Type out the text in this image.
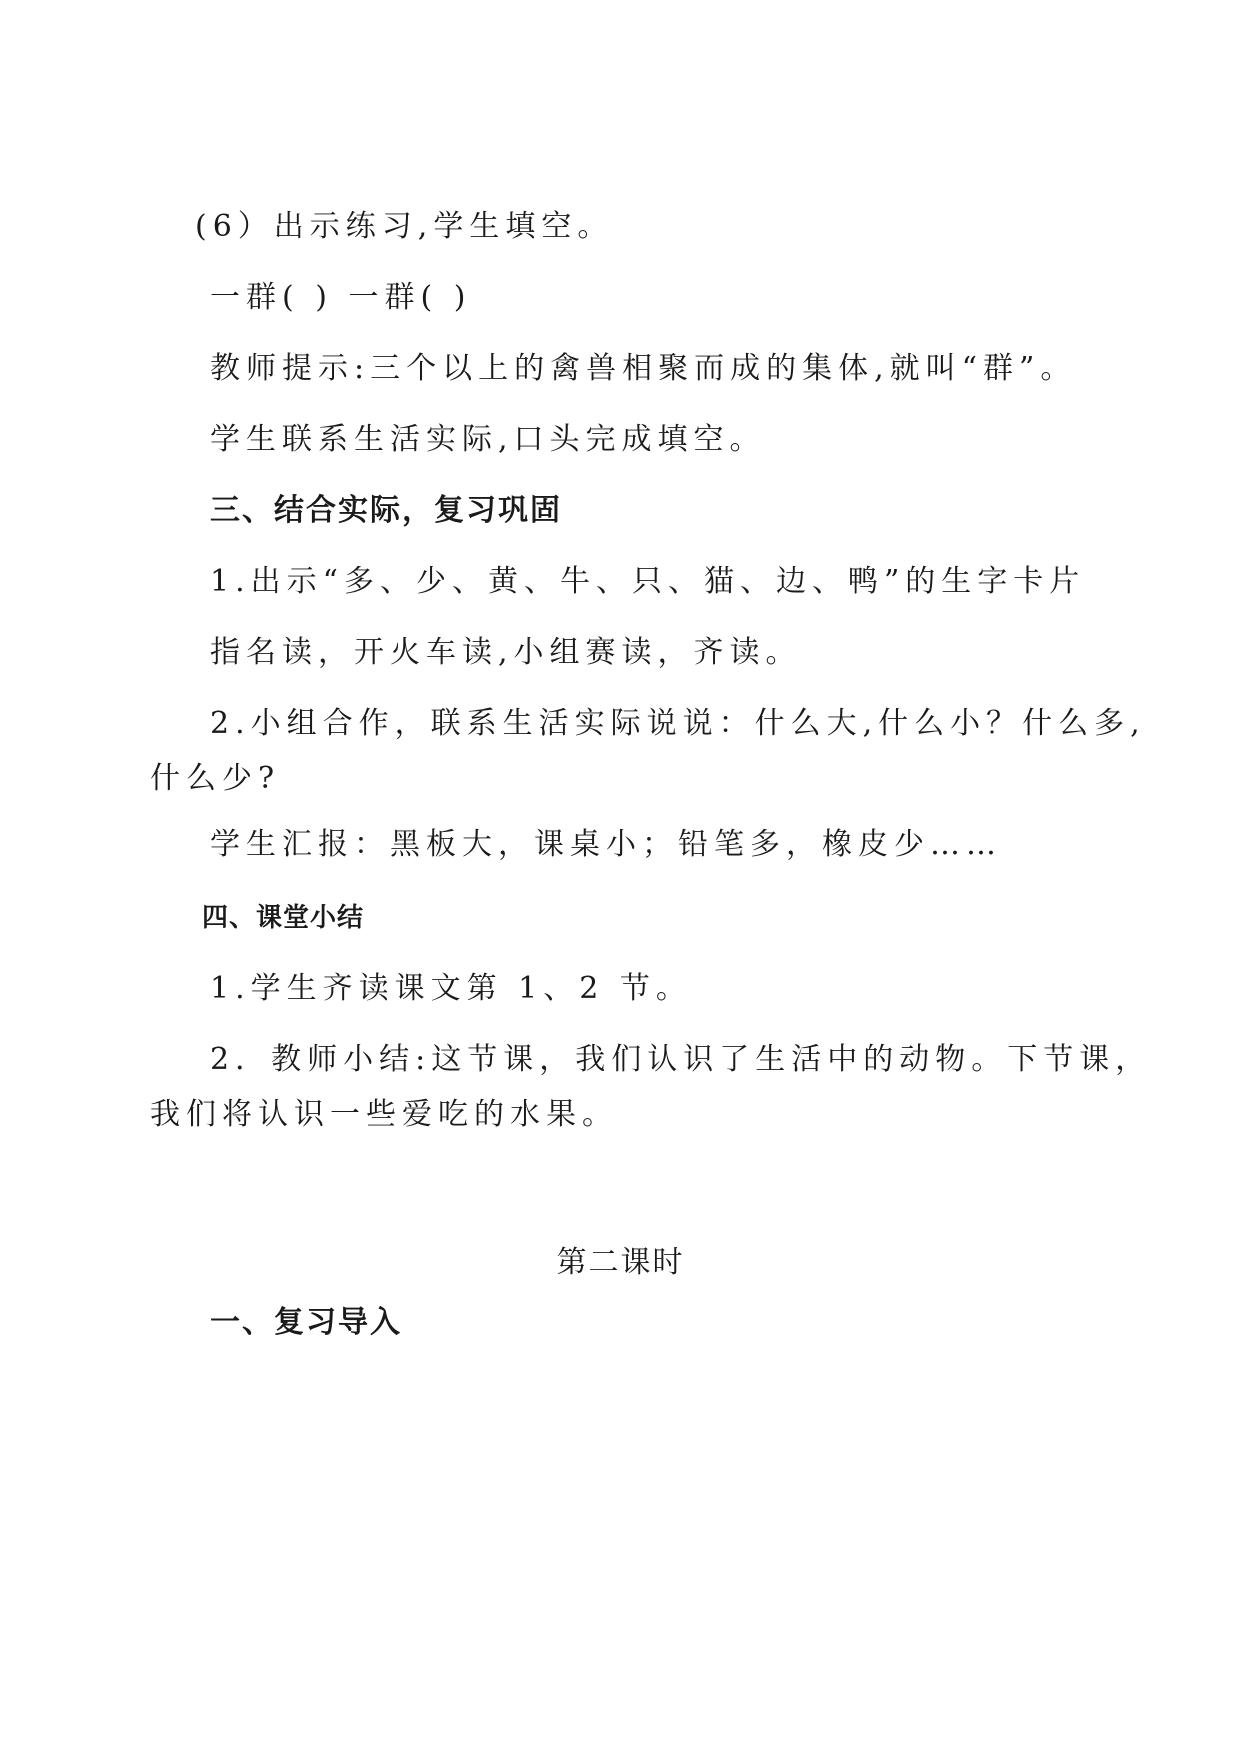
(6）出示练习,学生填空。
一群( ) 一群( )
教师提示:三个以上的禽兽相聚而成的集体,就叫“群”。
学生联系生活实际,口头完成填空。
三、结合实际，复习巩固
1.出示“多、少、黄、牛、只、猫、边、鸭”的生字卡片
指名读，开火车读,小组赛读，齐读。
2.小组合作，联系生活实际说说：什么大,什么小？什么多,
什么少?
学生汇报：黑板大，课桌小；铅笔多，橡皮少……
四、课堂小结
1.学生齐读课文第 1、2 节。
2．教师小结:这节课，我们认识了生活中的动物。下节课，
我们将认识一些爱吃的水果。
第二课时
一、复习导入
